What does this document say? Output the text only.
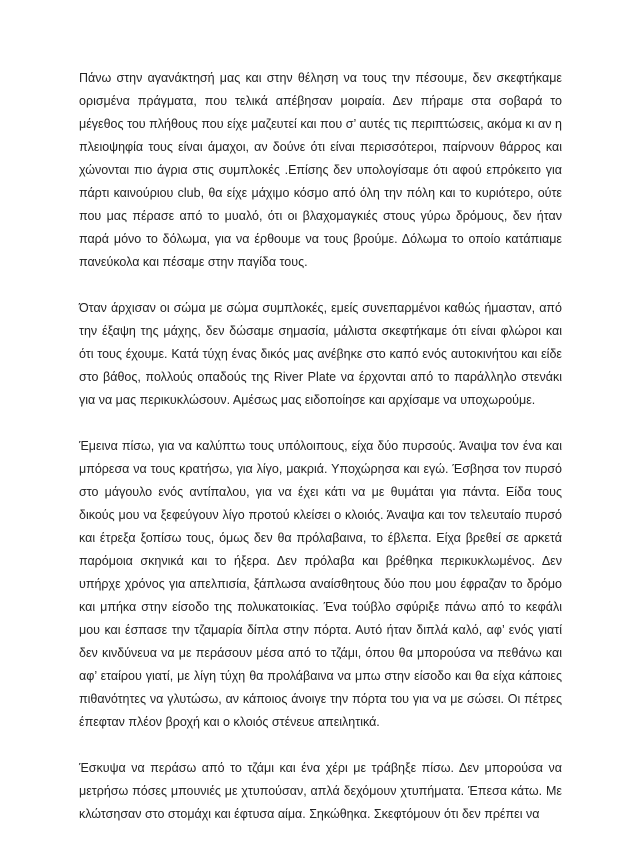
Πάνω στην αγανάκτησή μας και στην θέληση να τους την πέσουμε, δεν σκεφτήκαμε ορισμένα πράγματα, που τελικά απέβησαν μοιραία. Δεν πήραμε στα σοβαρά το μέγεθος του πλήθους που είχε μαζευτεί και που σ’ αυτές τις περιπτώσεις, ακόμα κι αν η πλειοψηφία τους είναι άμαχοι, αν δούνε ότι είναι περισσότεροι, παίρνουν θάρρος και χώνονται πιο άγρια στις συμπλοκές .Επίσης δεν υπολογίσαμε ότι αφού επρόκειτο για πάρτι καινούριου club, θα είχε μάχιμο κόσμο από όλη την πόλη και το κυριότερο, ούτε που μας πέρασε από το μυαλό, ότι οι βλαχομαγκιές στους γύρω δρόμους, δεν ήταν παρά μόνο το δόλωμα, για να έρθουμε να τους βρούμε. Δόλωμα το οποίο κατάπιαμε πανεύκολα και πέσαμε στην παγίδα τους.

Όταν άρχισαν οι σώμα με σώμα συμπλοκές, εμείς συνεπαρμένοι καθώς ήμασταν, από την έξαψη της μάχης, δεν δώσαμε σημασία, μάλιστα σκεφτήκαμε ότι είναι φλώροι και ότι τους έχουμε. Κατά τύχη ένας δικός μας ανέβηκε στο καπό ενός αυτοκινήτου και είδε στο βάθος, πολλούς οπαδούς της River Plate να έρχονται από το παράλληλο στενάκι για να μας περικυκλώσουν. Αμέσως μας ειδοποίησε και αρχίσαμε να υποχωρούμε.

Έμεινα πίσω, για να καλύπτω τους υπόλοιπους, είχα δύο πυρσούς. Άναψα τον ένα και μπόρεσα να τους κρατήσω, για λίγο, μακριά. Υποχώρησα και εγώ. Έσβησα τον πυρσό στο μάγουλο ενός αντίπαλου, για να έχει κάτι να με θυμάται για πάντα. Είδα τους δικούς μου να ξεφεύγουν λίγο προτού κλείσει ο κλοιός. Άναψα και τον τελευταίο πυρσό και έτρεξα ξοπίσω τους, όμως δεν θα πρόλαβαινα, το έβλεπα. Είχα βρεθεί σε αρκετά παρόμοια σκηνικά και το ήξερα. Δεν πρόλαβα και βρέθηκα περικυκλωμένος. Δεν υπήρχε χρόνος για απελπισία, ξάπλωσα αναίσθητους δύο που μου έφραζαν το δρόμο και μπήκα στην είσοδο της πολυκατοικίας. Ένα τούβλο σφύριξε πάνω από το κεφάλι μου και έσπασε την τζαμαρία δίπλα στην πόρτα. Αυτό ήταν διπλά καλό, αφ’ ενός γιατί δεν κινδύνευα να με περάσουν μέσα από το τζάμι, όπου θα μπορούσα να πεθάνω και αφ’ εταίρου γιατί, με λίγη τύχη θα προλάβαινα να μπω στην είσοδο και θα είχα κάποιες πιθανότητες να γλυτώσω, αν κάποιος άνοιγε την πόρτα του για να με σώσει. Οι πέτρες έπεφταν πλέον βροχή και ο κλοιός στένευε απειλητικά.

Έσκυψα να περάσω από το τζάμι και ένα χέρι με τράβηξε πίσω. Δεν μπορούσα να μετρήσω πόσες μπουνιές με χτυπούσαν, απλά δεχόμουν χτυπήματα. Έπεσα κάτω. Με κλώτσησαν στο στομάχι και έφτυσα αίμα. Σηκώθηκα. Σκεφτόμουν ότι δεν πρέπει να
